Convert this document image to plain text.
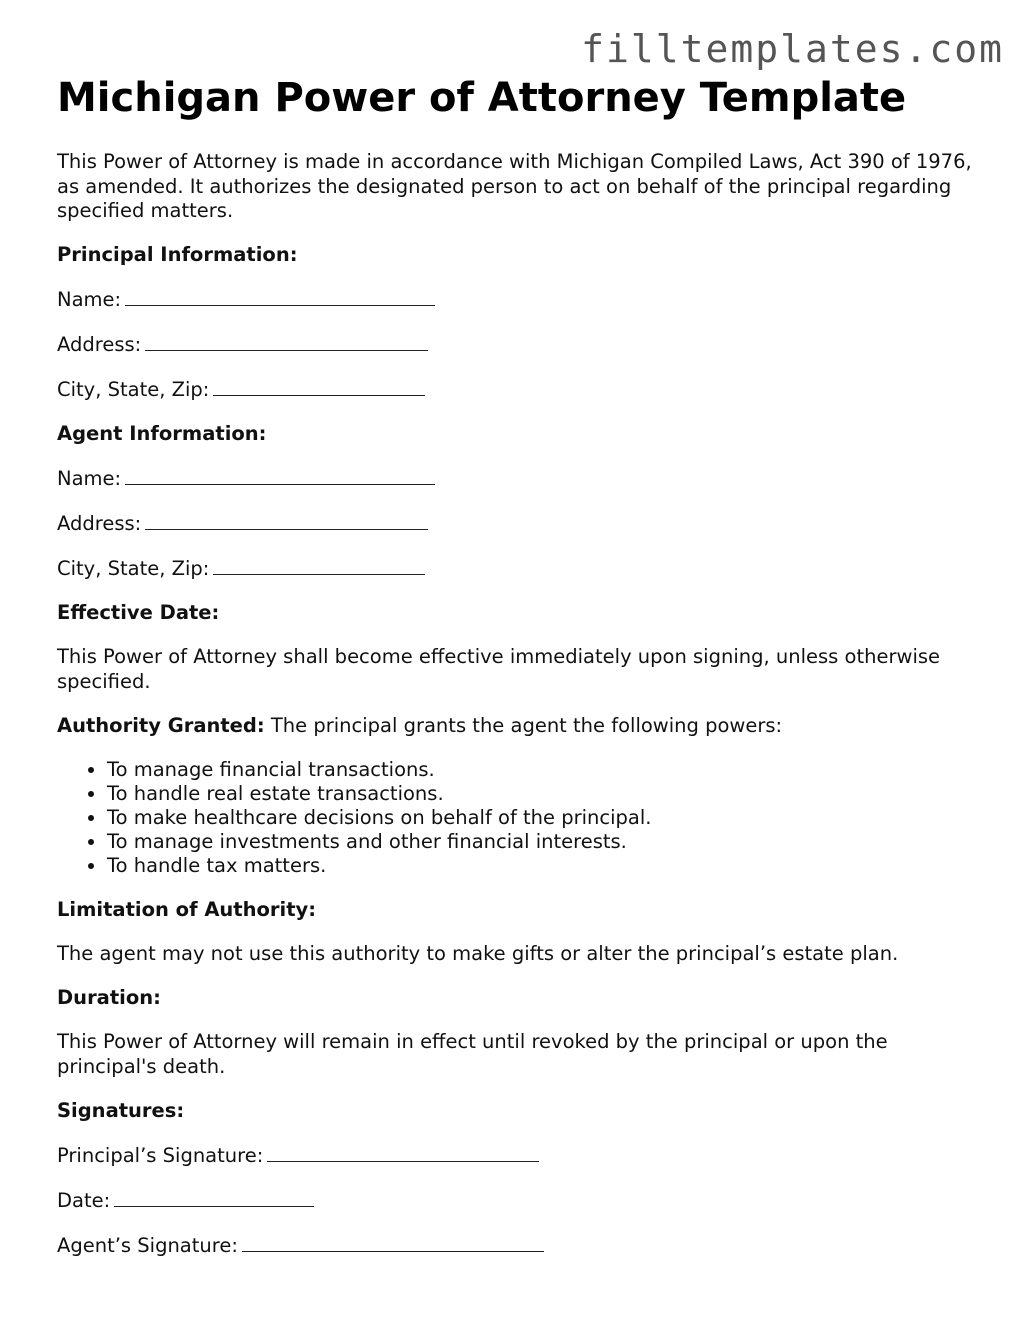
filltemplates.com
Michigan Power of Attorney Template

This Power of Attorney is made in accordance with Michigan Compiled Laws, Act 390 of 1976, as amended. It authorizes the designated person to act on behalf of the principal regarding specified matters.

Principal Information:

Name:

Address:

City, State, Zip:

Agent Information:

Name:

Address:

City, State, Zip:

Effective Date:

This Power of Attorney shall become effective immediately upon signing, unless otherwise specified.

Authority Granted: The principal grants the agent the following powers:

• To manage financial transactions.
• To handle real estate transactions.
• To make healthcare decisions on behalf of the principal.
• To manage investments and other financial interests.
• To handle tax matters.

Limitation of Authority:

The agent may not use this authority to make gifts or alter the principal’s estate plan.

Duration:

This Power of Attorney will remain in effect until revoked by the principal or upon the principal's death.

Signatures:

Principal’s Signature:

Date:

Agent’s Signature:
